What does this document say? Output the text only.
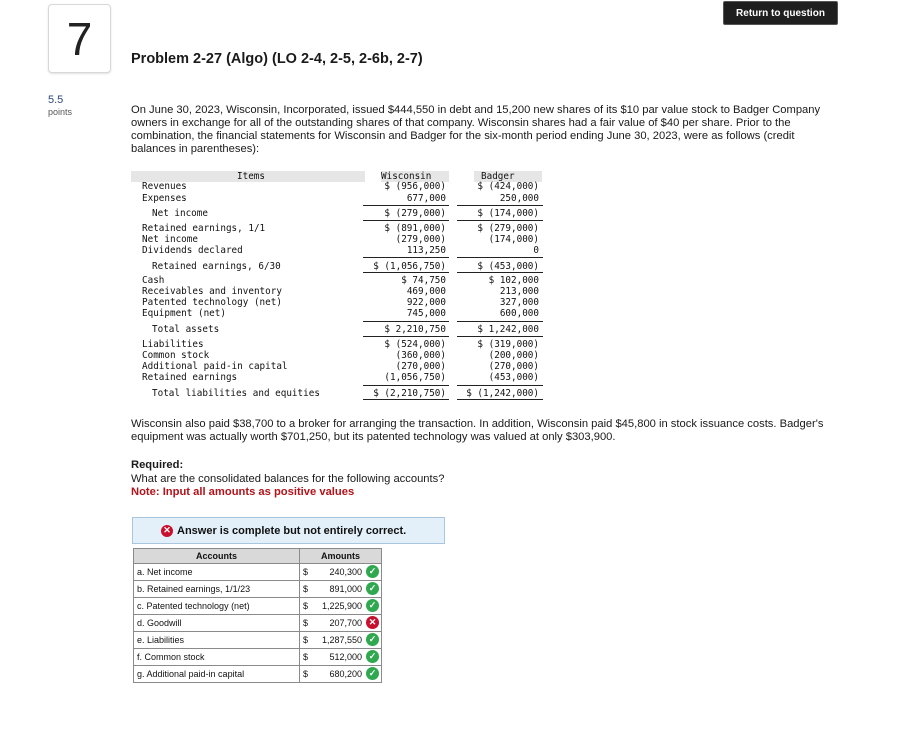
7
5.5
points
Return to question
Problem 2-27 (Algo) (LO 2-4, 2-5, 2-6b, 2-7)
On June 30, 2023, Wisconsin, Incorporated, issued $444,550 in debt and 15,200 new shares of its $10 par value stock to Badger Company owners in exchange for all of the outstanding shares of that company. Wisconsin shares had a fair value of $40 per share. Prior to the combination, the financial statements for Wisconsin and Badger for the six-month period ending June 30, 2023, were as follows (credit balances in parentheses):
Items	Wisconsin	Badger
Revenues	$ (956,000)	$ (424,000)
Expenses	677,000	250,000
Net income	$ (279,000)	$ (174,000)
Retained earnings, 1/1	$ (891,000)	$ (279,000)
Net income	(279,000)	(174,000)
Dividends declared	113,250	0
Retained earnings, 6/30	$ (1,056,750)	$ (453,000)
Cash	$ 74,750	$ 102,000
Receivables and inventory	469,000	213,000
Patented technology (net)	922,000	327,000
Equipment (net)	745,000	600,000
Total assets	$ 2,210,750	$ 1,242,000
Liabilities	$ (524,000)	$ (319,000)
Common stock	(360,000)	(200,000)
Additional paid-in capital	(270,000)	(270,000)
Retained earnings	(1,056,750)	(453,000)
Total liabilities and equities	$ (2,210,750) $ (1,242,000)
Wisconsin also paid $38,700 to a broker for arranging the transaction. In addition, Wisconsin paid $45,800 in stock issuance costs. Badger's equipment was actually worth $701,250, but its patented technology was valued at only $303,900.
Required:
What are the consolidated balances for the following accounts?
Note: Input all amounts as positive values
✕ Answer is complete but not entirely correct.
Accounts	Amounts
a. Net income	$ 240,300 ✓

b. Retained earnings, 1/1/23	$ 891,000 ✓

c. Patented technology (net)	$ 1,225,900 ✓

d. Goodwill	$ 207,700 ✕

e. Liabilities	$ 1,287,550 ✓

f. Common stock	$ 512,000 ✓

g. Additional paid-in capital	$ 680,200 ✓
